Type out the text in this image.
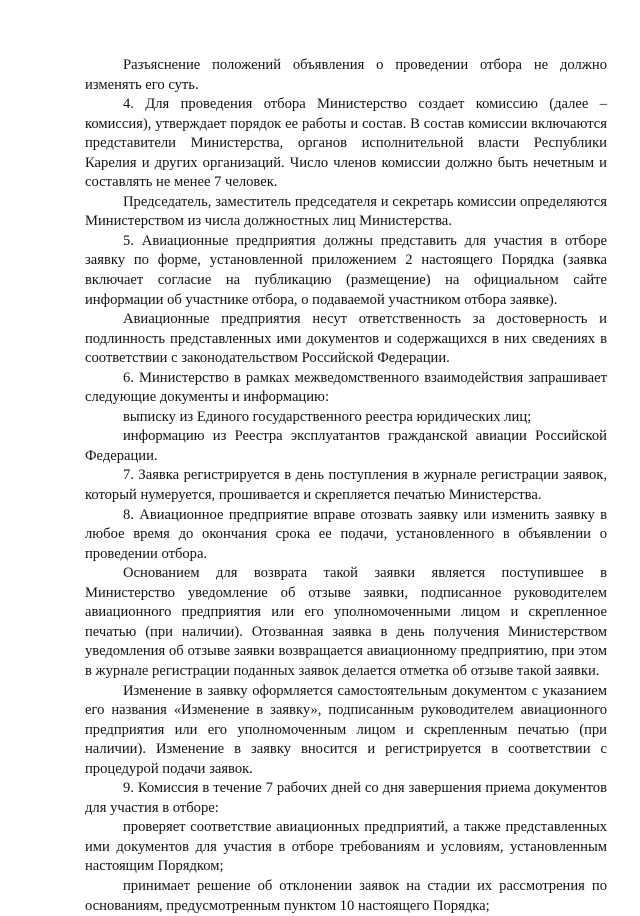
Разъяснение положений объявления о проведении отбора не должно изменять его суть.

4. Для проведения отбора Министерство создает комиссию (далее – комиссия), утверждает порядок ее работы и состав. В состав комиссии включаются представители Министерства, органов исполнительной власти Республики Карелия и других организаций. Число членов комиссии должно быть нечетным и составлять не менее 7 человек.

Председатель, заместитель председателя и секретарь комиссии определяются Министерством из числа должностных лиц Министерства.

5. Авиационные предприятия должны представить для участия в отборе заявку по форме, установленной приложением 2 настоящего Порядка (заявка включает согласие на публикацию (размещение) на официальном сайте информации об участнике отбора, о подаваемой участником отбора заявке).

Авиационные предприятия несут ответственность за достоверность и подлинность представленных ими документов и содержащихся в них сведениях в соответствии с законодательством Российской Федерации.

6. Министерство в рамках межведомственного взаимодействия запрашивает следующие документы и информацию:

выписку из Единого государственного реестра юридических лиц;

информацию из Реестра эксплуатантов гражданской авиации Российской Федерации.

7. Заявка регистрируется в день поступления в журнале регистрации заявок, который нумеруется, прошивается и скрепляется печатью Министерства.

8. Авиационное предприятие вправе отозвать заявку или изменить заявку в любое время до окончания срока ее подачи, установленного в объявлении о проведении отбора.

Основанием для возврата такой заявки является поступившее в Министерство уведомление об отзыве заявки, подписанное руководителем авиационного предприятия или его уполномоченными лицом и скрепленное печатью (при наличии). Отозванная заявка в день получения Министерством уведомления об отзыве заявки возвращается авиационному предприятию, при этом в журнале регистрации поданных заявок делается отметка об отзыве такой заявки.

Изменение в заявку оформляется самостоятельным документом с указанием его названия «Изменение в заявку», подписанным руководителем авиационного предприятия или его уполномоченным лицом и скрепленным печатью (при наличии). Изменение в заявку вносится и регистрируется в соответствии с процедурой подачи заявок.

9. Комиссия в течение 7 рабочих дней со дня завершения приема документов для участия в отборе:

проверяет соответствие авиационных предприятий, а также представленных ими документов для участия в отборе требованиям и условиям, установленным настоящим Порядком;

принимает решение об отклонении заявок на стадии их рассмотрения по основаниям, предусмотренным пунктом 10 настоящего Порядка;
